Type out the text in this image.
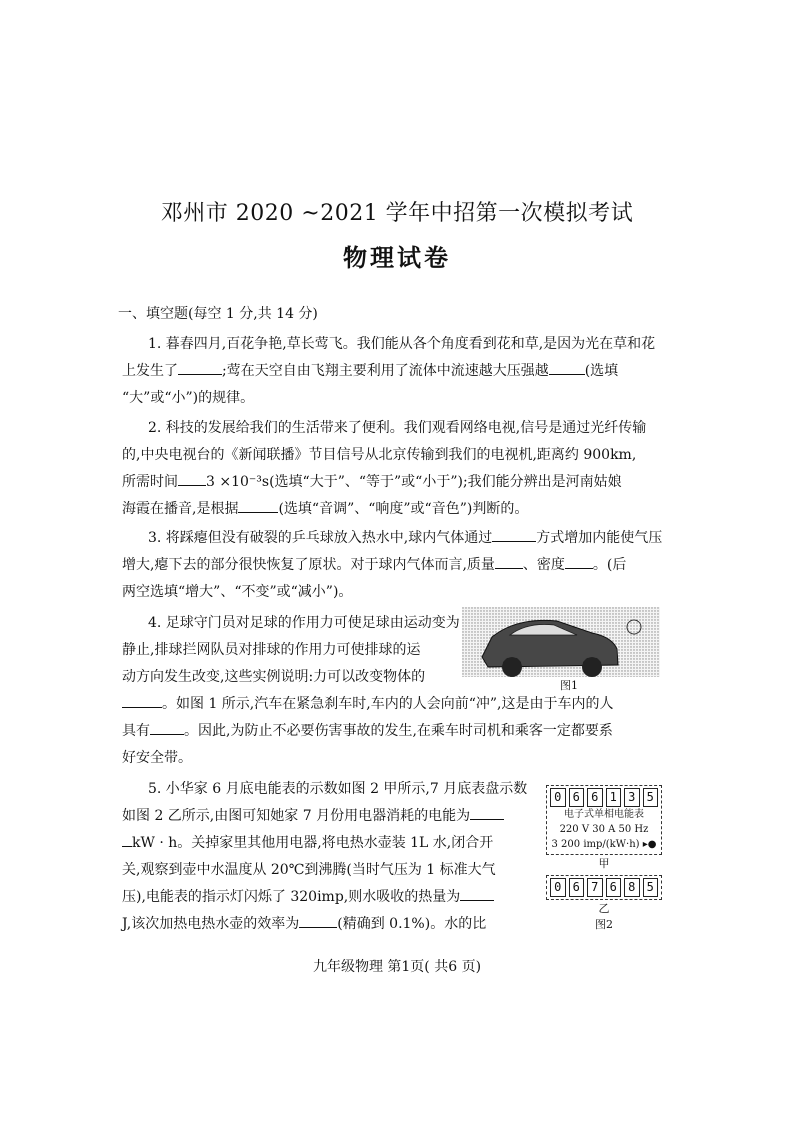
邓州市 2020 ~2021 学年中招第一次模拟考试
物理试卷
一、填空题(每空 1 分,共 14 分)
1. 暮春四月,百花争艳,草长莺飞。我们能从各个角度看到花和草,是因为光在草和花
上发生了	;莺在天空自由飞翔主要利用了流体中流速越大压强越	(选填
“大”或“小”)的规律。
2. 科技的发展给我们的生活带来了便利。我们观看网络电视,信号是通过光纤传输
的,中央电视台的《新闻联播》节目信号从北京传输到我们的电视机,距离约 900km,
所需时间 3 ×10⁻³s(选填“大于”、“等于”或“小于”);我们能分辨出是河南姑娘
海霞在播音,是根据	(选填“音调”、“响度”或“音色”)判断的。
3. 将踩瘪但没有破裂的乒乓球放入热水中,球内气体通过	方式增加内能使气压
增大,瘪下去的部分很快恢复了原状。对于球内气体而言,质量 、密度 。(后
两空选填“增大”、“不变”或“减小”)。
4. 足球守门员对足球的作用力可使足球由运动变为
静止,排球拦网队员对排球的作用力可使排球的运
动方向发生改变,这些实例说明:力可以改变物体的
。如图 1 所示,汽车在紧急刹车时,车内的人会向前“冲”,这是由于车内的人
具有 。因此,为防止不必要伤害事故的发生,在乘车时司机和乘客一定都要系
好安全带。
图1
5. 小华家 6 月底电能表的示数如图 2 甲所示,7 月底表盘示数
如图 2 乙所示,由图可知她家 7 月份用电器消耗的电能为
kW · h。关掉家里其他用电器,将电热水壶装 1L 水,闭合开
关,观察到壶中水温度从 20℃到沸腾(当时气压为 1 标准大气
压),电能表的指示灯闪烁了 320imp,则水吸收的热量为
J,该次加热电热水壶的效率为	(精确到 0.1%)。水的比
0 6 6 1 3 5
电子式单相电能表
220 V 30 A 50 Hz
3 200 imp/(kW·h) ▸●
甲
0 6 7 6 8 5
乙
图2
九年级物理 第1页( 共6 页)
